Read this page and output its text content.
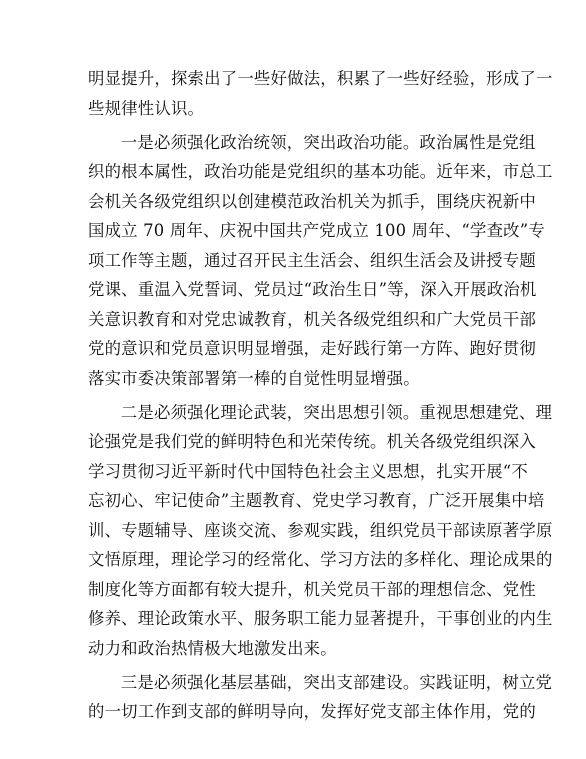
明显提升，探索出了一些好做法，积累了一些好经验，形成了一
些规律性认识。

一是必须强化政治统领，突出政治功能。政治属性是党组
织的根本属性，政治功能是党组织的基本功能。近年来，市总工
会机关各级党组织以创建模范政治机关为抓手，围绕庆祝新中
国成立 70 周年、庆祝中国共产党成立 100 周年、“学查改”专
项工作等主题，通过召开民主生活会、组织生活会及讲授专题
党课、重温入党誓词、党员过“政治生日”等，深入开展政治机
关意识教育和对党忠诚教育，机关各级党组织和广大党员干部
党的意识和党员意识明显增强，走好践行第一方阵、跑好贯彻
落实市委决策部署第一棒的自觉性明显增强。

二是必须强化理论武装，突出思想引领。重视思想建党、理
论强党是我们党的鲜明特色和光荣传统。机关各级党组织深入
学习贯彻习近平新时代中国特色社会主义思想，扎实开展“不
忘初心、牢记使命”主题教育、党史学习教育，广泛开展集中培
训、专题辅导、座谈交流、参观实践，组织党员干部读原著学原
文悟原理，理论学习的经常化、学习方法的多样化、理论成果的
制度化等方面都有较大提升，机关党员干部的理想信念、党性
修养、理论政策水平、服务职工能力显著提升，干事创业的内生
动力和政治热情极大地激发出来。

三是必须强化基层基础，突出支部建设。实践证明，树立党
的一切工作到支部的鲜明导向，发挥好党支部主体作用，党的
